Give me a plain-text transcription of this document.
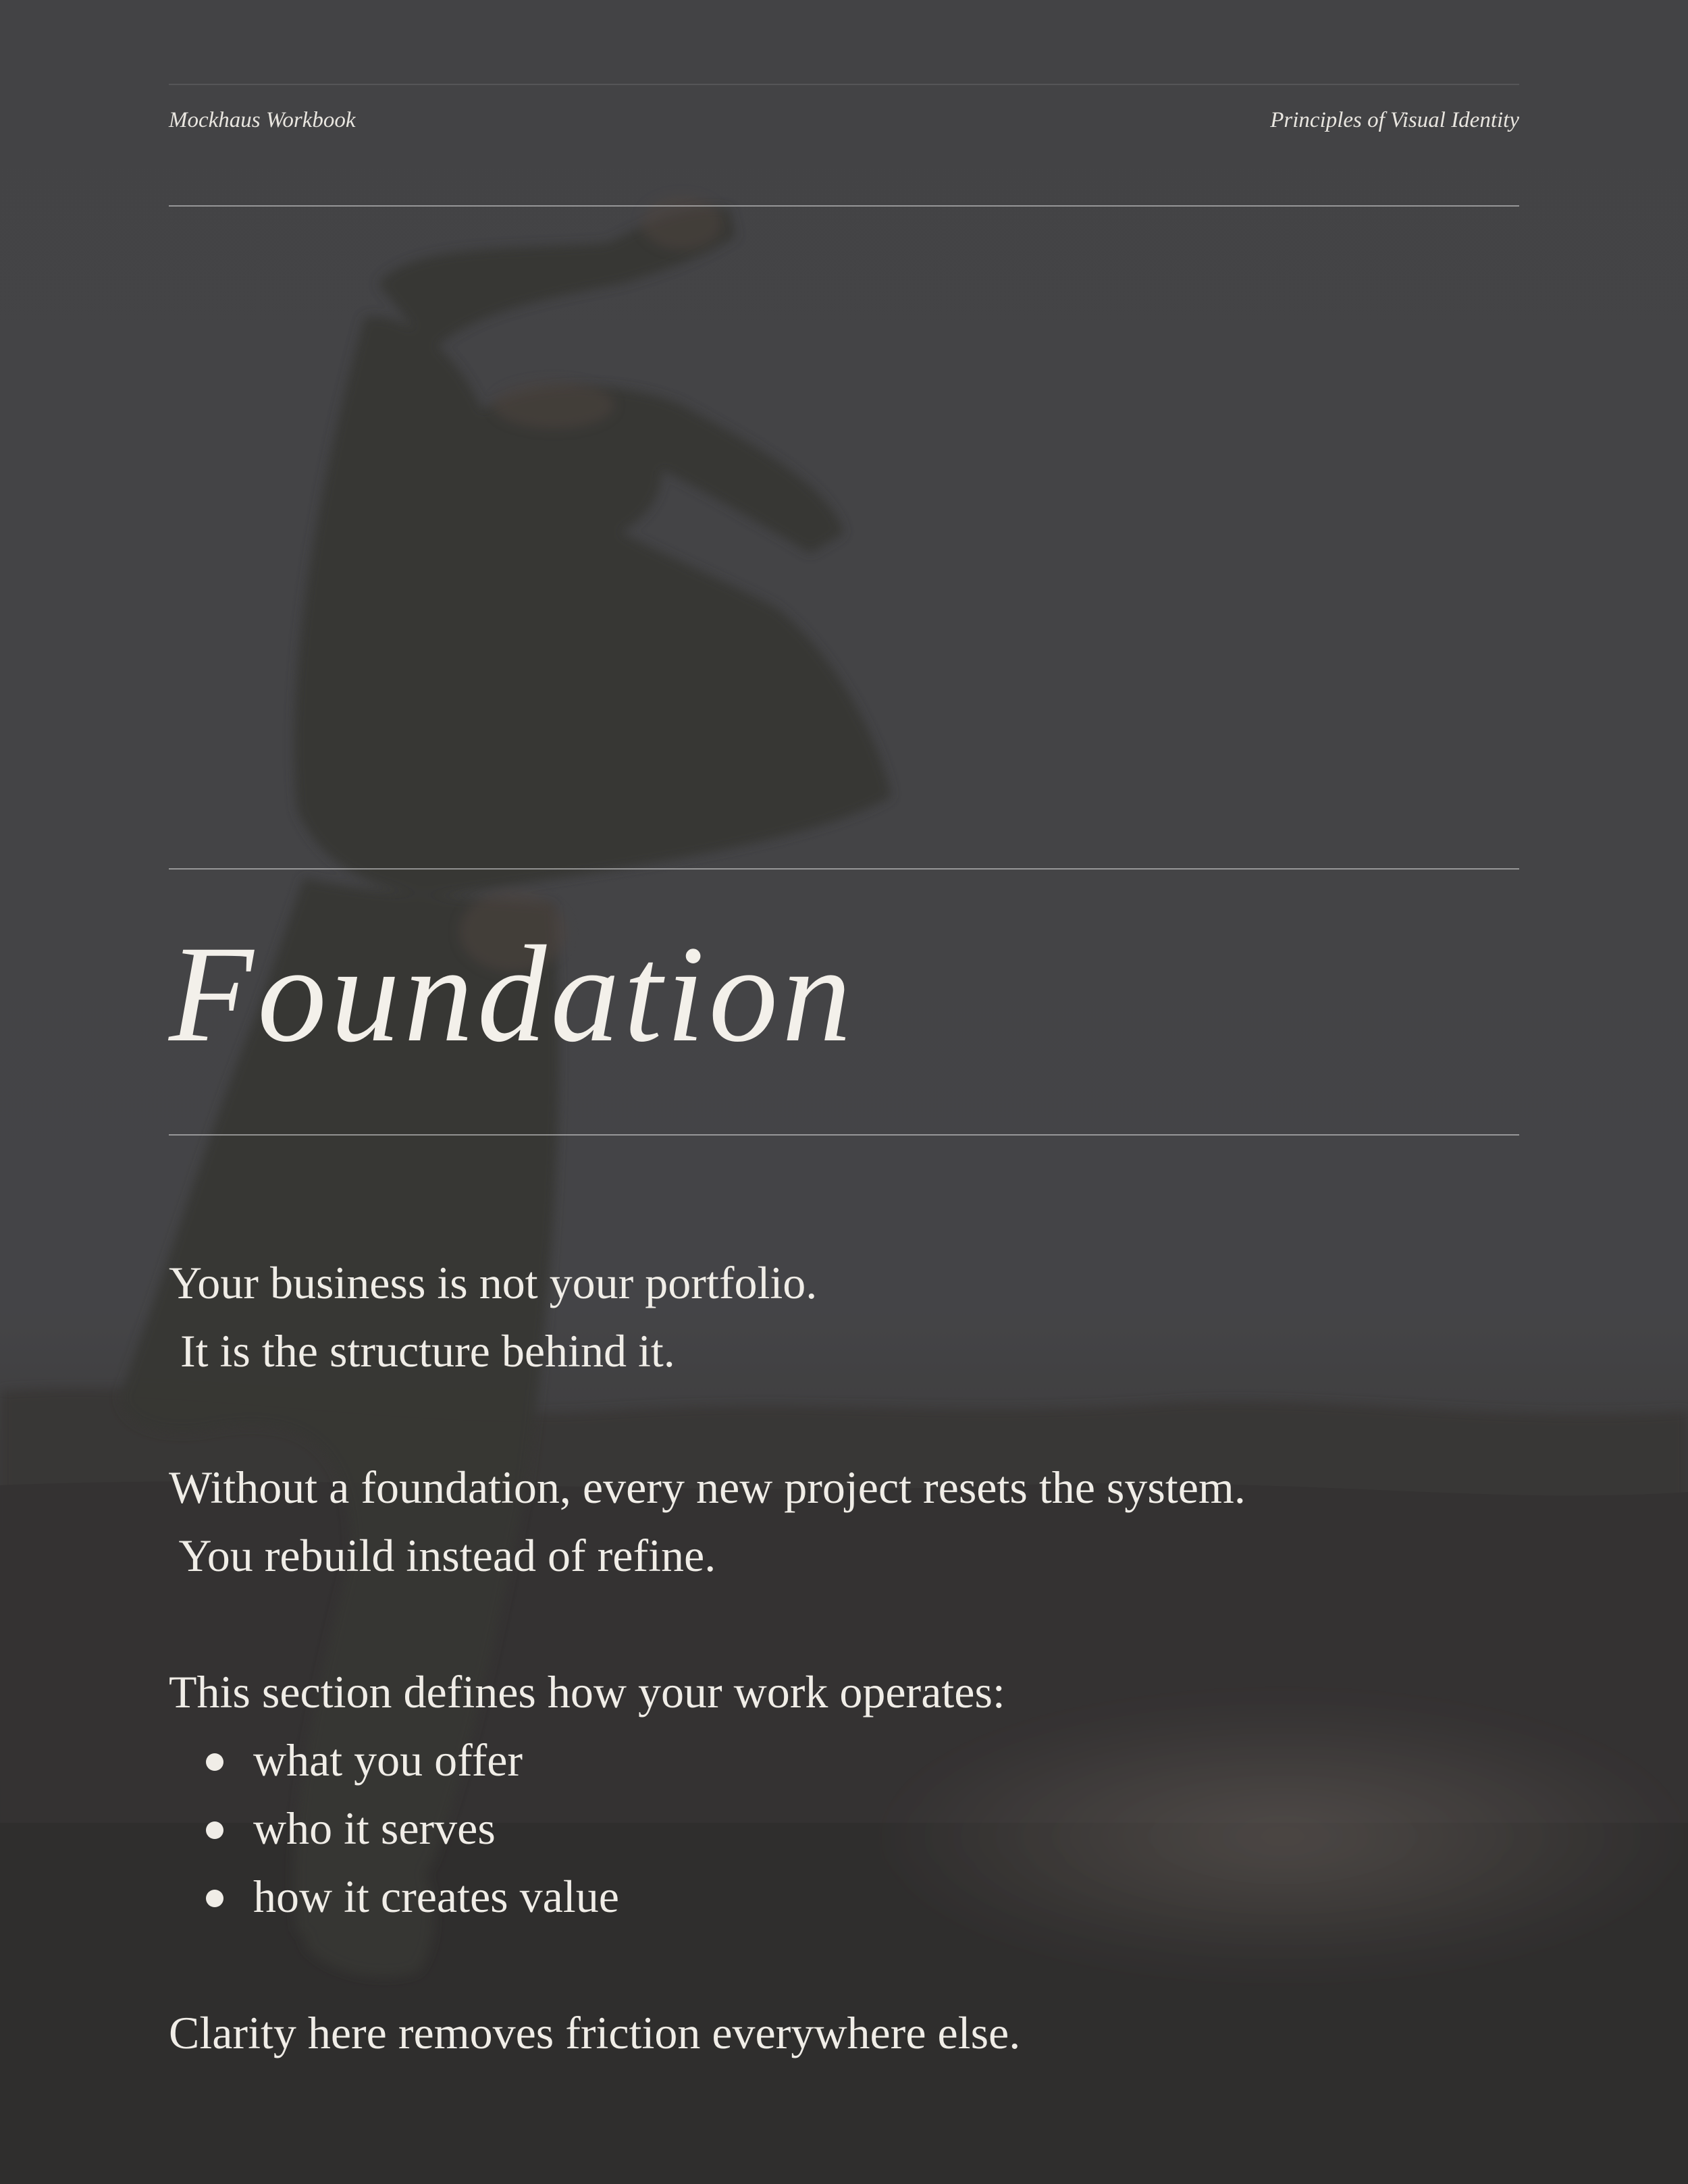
Mockhaus Workbook	Principles of Visual Identity
Foundation

Your business is not your portfolio.

It is the structure behind it.

Without a foundation, every new project resets the system.

You rebuild instead of refine.

This section defines how your work operates:

what you offer
who it serves
how it creates value

Clarity here removes friction everywhere else.
